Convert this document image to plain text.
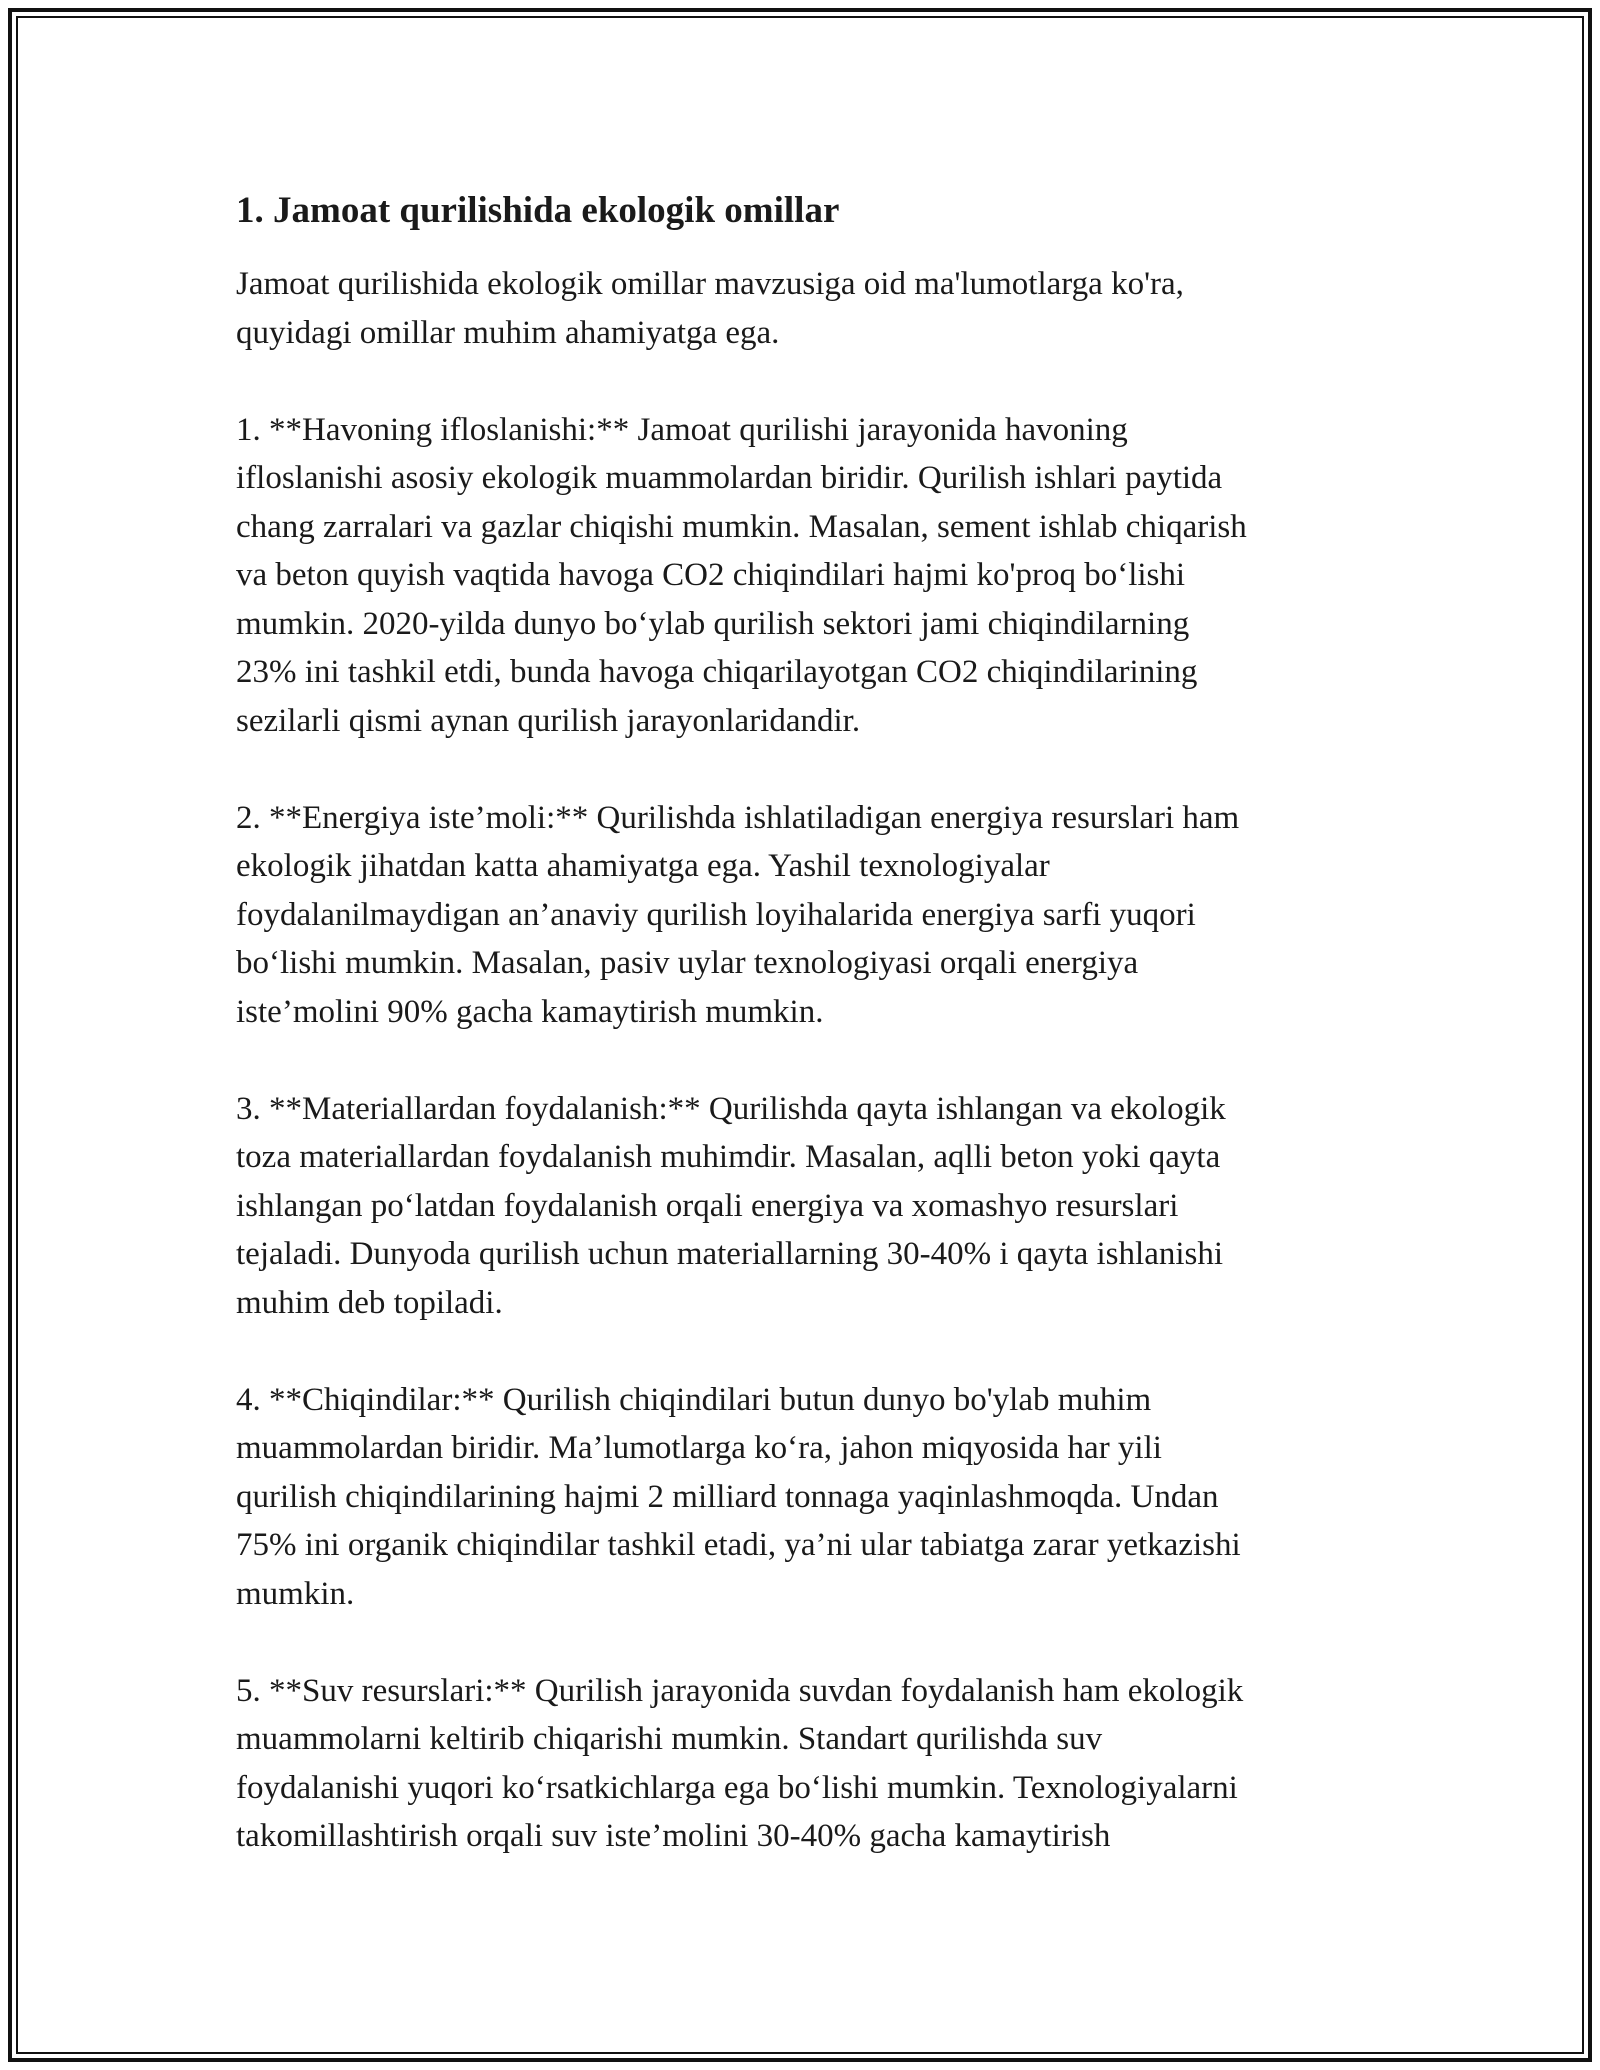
1. Jamoat qurilishida ekologik omillar

Jamoat qurilishida ekologik omillar mavzusiga oid ma'lumotlarga ko'ra,
quyidagi omillar muhim ahamiyatga ega.

1. **Havoning ifloslanishi:** Jamoat qurilishi jarayonida havoning
ifloslanishi asosiy ekologik muammolardan biridir. Qurilish ishlari paytida
chang zarralari va gazlar chiqishi mumkin. Masalan, sement ishlab chiqarish
va beton quyish vaqtida havoga CO2 chiqindilari hajmi ko'proq bo‘lishi
mumkin. 2020-yilda dunyo bo‘ylab qurilish sektori jami chiqindilarning
23% ini tashkil etdi, bunda havoga chiqarilayotgan CO2 chiqindilarining
sezilarli qismi aynan qurilish jarayonlaridandir.

2. **Energiya iste’moli:** Qurilishda ishlatiladigan energiya resurslari ham
ekologik jihatdan katta ahamiyatga ega. Yashil texnologiyalar
foydalanilmaydigan an’anaviy qurilish loyihalarida energiya sarfi yuqori
bo‘lishi mumkin. Masalan, pasiv uylar texnologiyasi orqali energiya
iste’molini 90% gacha kamaytirish mumkin.

3. **Materiallardan foydalanish:** Qurilishda qayta ishlangan va ekologik
toza materiallardan foydalanish muhimdir. Masalan, aqlli beton yoki qayta
ishlangan po‘latdan foydalanish orqali energiya va xomashyo resurslari
tejaladi. Dunyoda qurilish uchun materiallarning 30-40% i qayta ishlanishi
muhim deb topiladi.

4. **Chiqindilar:** Qurilish chiqindilari butun dunyo bo'ylab muhim
muammolardan biridir. Ma’lumotlarga ko‘ra, jahon miqyosida har yili
qurilish chiqindilarining hajmi 2 milliard tonnaga yaqinlashmoqda. Undan
75% ini organik chiqindilar tashkil etadi, ya’ni ular tabiatga zarar yetkazishi
mumkin.

5. **Suv resurslari:** Qurilish jarayonida suvdan foydalanish ham ekologik
muammolarni keltirib chiqarishi mumkin. Standart qurilishda suv
foydalanishi yuqori ko‘rsatkichlarga ega bo‘lishi mumkin. Texnologiyalarni
takomillashtirish orqali suv iste’molini 30-40% gacha kamaytirish
